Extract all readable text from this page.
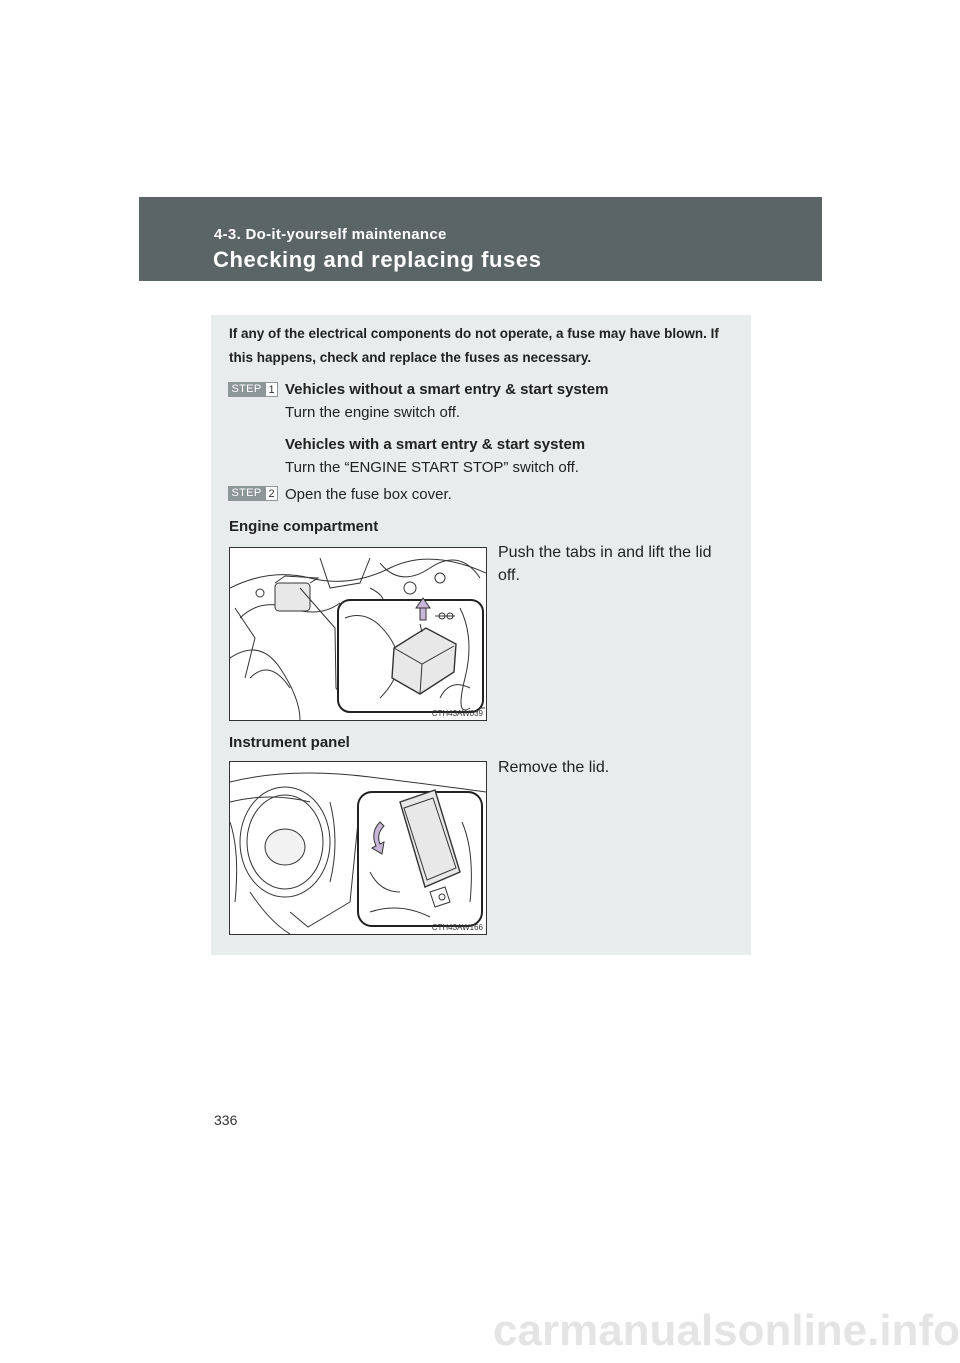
4-3. Do-it-yourself maintenance
Checking and replacing fuses
If any of the electrical components do not operate, a fuse may have blown. If this happens, check and replace the fuses as necessary.
STEP 1 Vehicles without a smart entry & start system
Turn the engine switch off.
Vehicles with a smart entry & start system
Turn the “ENGINE START STOP” switch off.
STEP 2 Open the fuse box cover.
Engine compartment
Push the tabs in and lift the lid
off.
CTH43AW039
Instrument panel
Remove the lid.
CTH43AW166
336
carmanualsonline.info
